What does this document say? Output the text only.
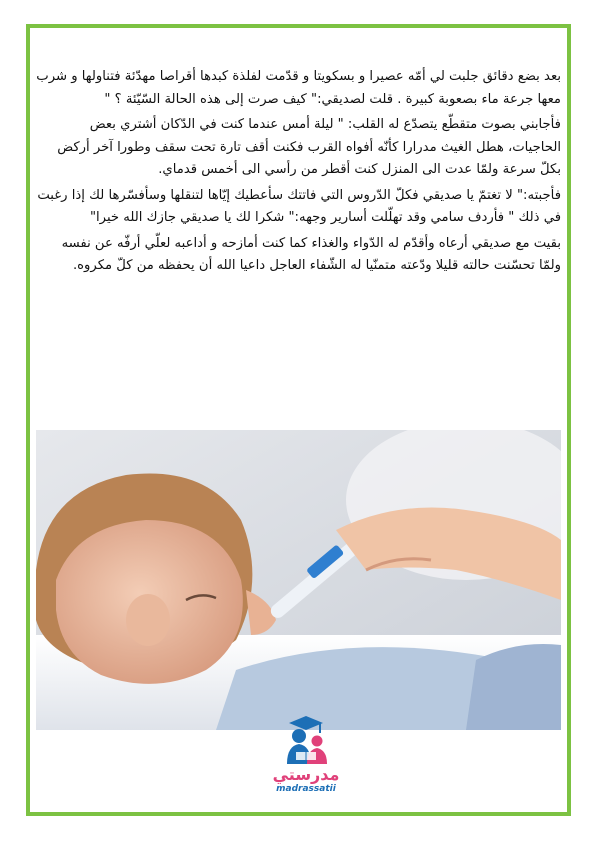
بعد بضع دقائق جلبت لي أمّه عصيرا و بسكويتا و قدّمت لفلذة كبدها أقراصا مهدّئة فتناولها و شرب معها جرعة ماء بصعوبة كبيرة . قلت لصديقي:" كيف صرت إلى هذه الحالة السّيّئة ؟ "

فأجابني بصوت متقطّع يتصدّع له القلب: " ليلة أمس عندما كنت في الدّكان أشتري بعض الحاجيات، هطل الغيث مدرارا كأنّه أفواه القرب فكنت أقف تارة تحت سقف وطورا آخر أركض بكلّ سرعة ولمّا عدت الى المنزل كنت أقطر من رأسي الى أخمس قدماي.

فأجبته:" لا تغتمّ يا صديقي فكلّ الدّروس التي فاتتك سأعطيك إيّاها لتنقلها وسأفسّرها لك إذا رغبت في ذلك " فأردف سامي وقد تهلّلت أسارير وجهه:" شكرا لك يا صديقي جازك الله خيرا"

بقيت مع صديقي أرعاه وأقدّم له الدّواء والغذاء كما كنت أمازحه و أداعبه لعلّي أرفّه عن نفسه ولمّا تحسّنت حالته قليلا ودّعته متمنّيا له الشّفاء العاجل داعيا الله أن يحفظه من كلّ مكروه.

مدرستي
madrassatii
